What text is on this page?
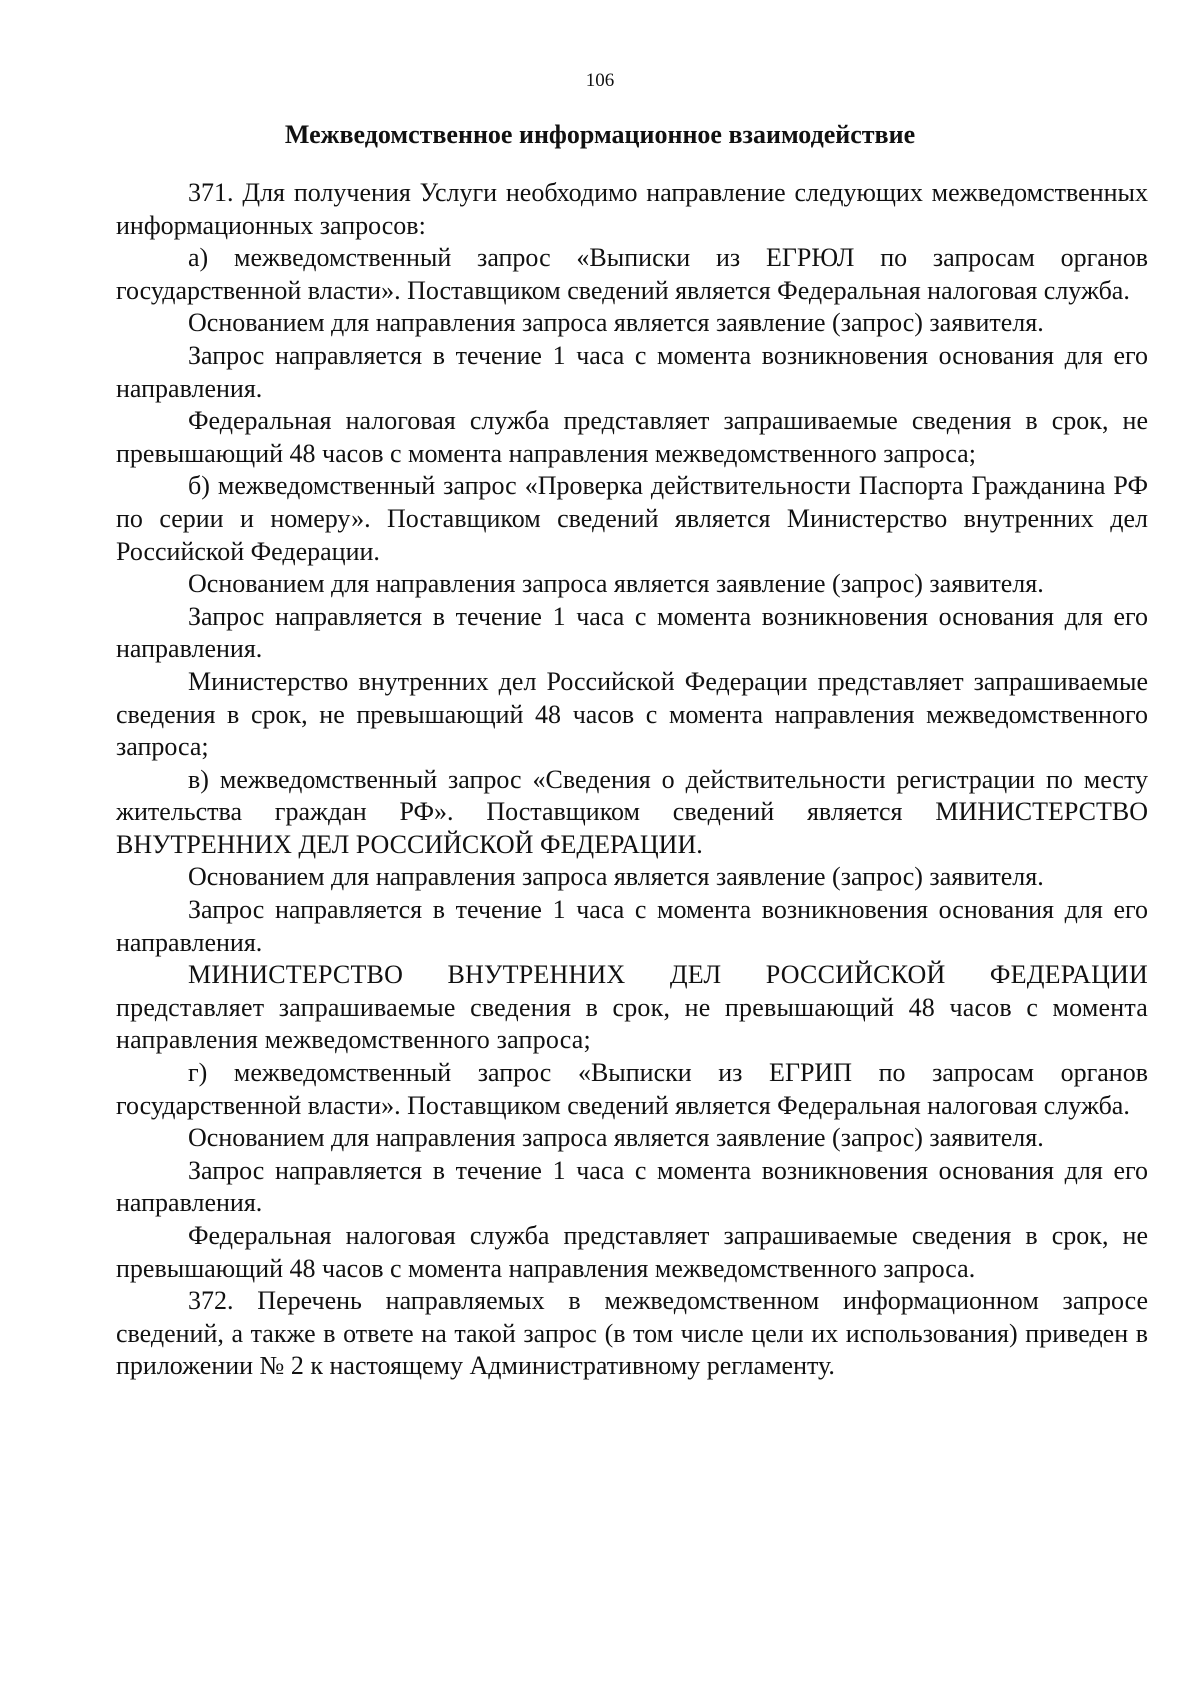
106
Межведомственное информационное взаимодействие

371. Для получения Услуги необходимо направление следующих межведомственных информационных запросов:

а) межведомственный запрос «Выписки из ЕГРЮЛ по запросам органов государственной власти». Поставщиком сведений является Федеральная налоговая служба.

Основанием для направления запроса является заявление (запрос) заявителя.

Запрос направляется в течение 1 часа с момента возникновения основания для его направления.

Федеральная налоговая служба представляет запрашиваемые сведения в срок, не превышающий 48 часов с момента направления межведомственного запроса;

б) межведомственный запрос «Проверка действительности Паспорта Гражданина РФ по серии и номеру». Поставщиком сведений является Министерство внутренних дел Российской Федерации.

Основанием для направления запроса является заявление (запрос) заявителя.

Запрос направляется в течение 1 часа с момента возникновения основания для его направления.

Министерство внутренних дел Российской Федерации представляет запрашиваемые сведения в срок, не превышающий 48 часов с момента направления межведомственного запроса;

в) межведомственный запрос «Сведения о действительности регистрации по месту жительства граждан РФ». Поставщиком сведений является МИНИСТЕРСТВО ВНУТРЕННИХ ДЕЛ РОССИЙСКОЙ ФЕДЕРАЦИИ.

Основанием для направления запроса является заявление (запрос) заявителя.

Запрос направляется в течение 1 часа с момента возникновения основания для его направления.

МИНИСТЕРСТВО ВНУТРЕННИХ ДЕЛ РОССИЙСКОЙ ФЕДЕРАЦИИ представляет запрашиваемые сведения в срок, не превышающий 48 часов с момента направления межведомственного запроса;

г) межведомственный запрос «Выписки из ЕГРИП по запросам органов государственной власти». Поставщиком сведений является Федеральная налоговая служба.

Основанием для направления запроса является заявление (запрос) заявителя.

Запрос направляется в течение 1 часа с момента возникновения основания для его направления.

Федеральная налоговая служба представляет запрашиваемые сведения в срок, не превышающий 48 часов с момента направления межведомственного запроса.

372. Перечень направляемых в межведомственном информационном запросе сведений, а также в ответе на такой запрос (в том числе цели их использования) приведен в приложении № 2 к настоящему Административному регламенту.
